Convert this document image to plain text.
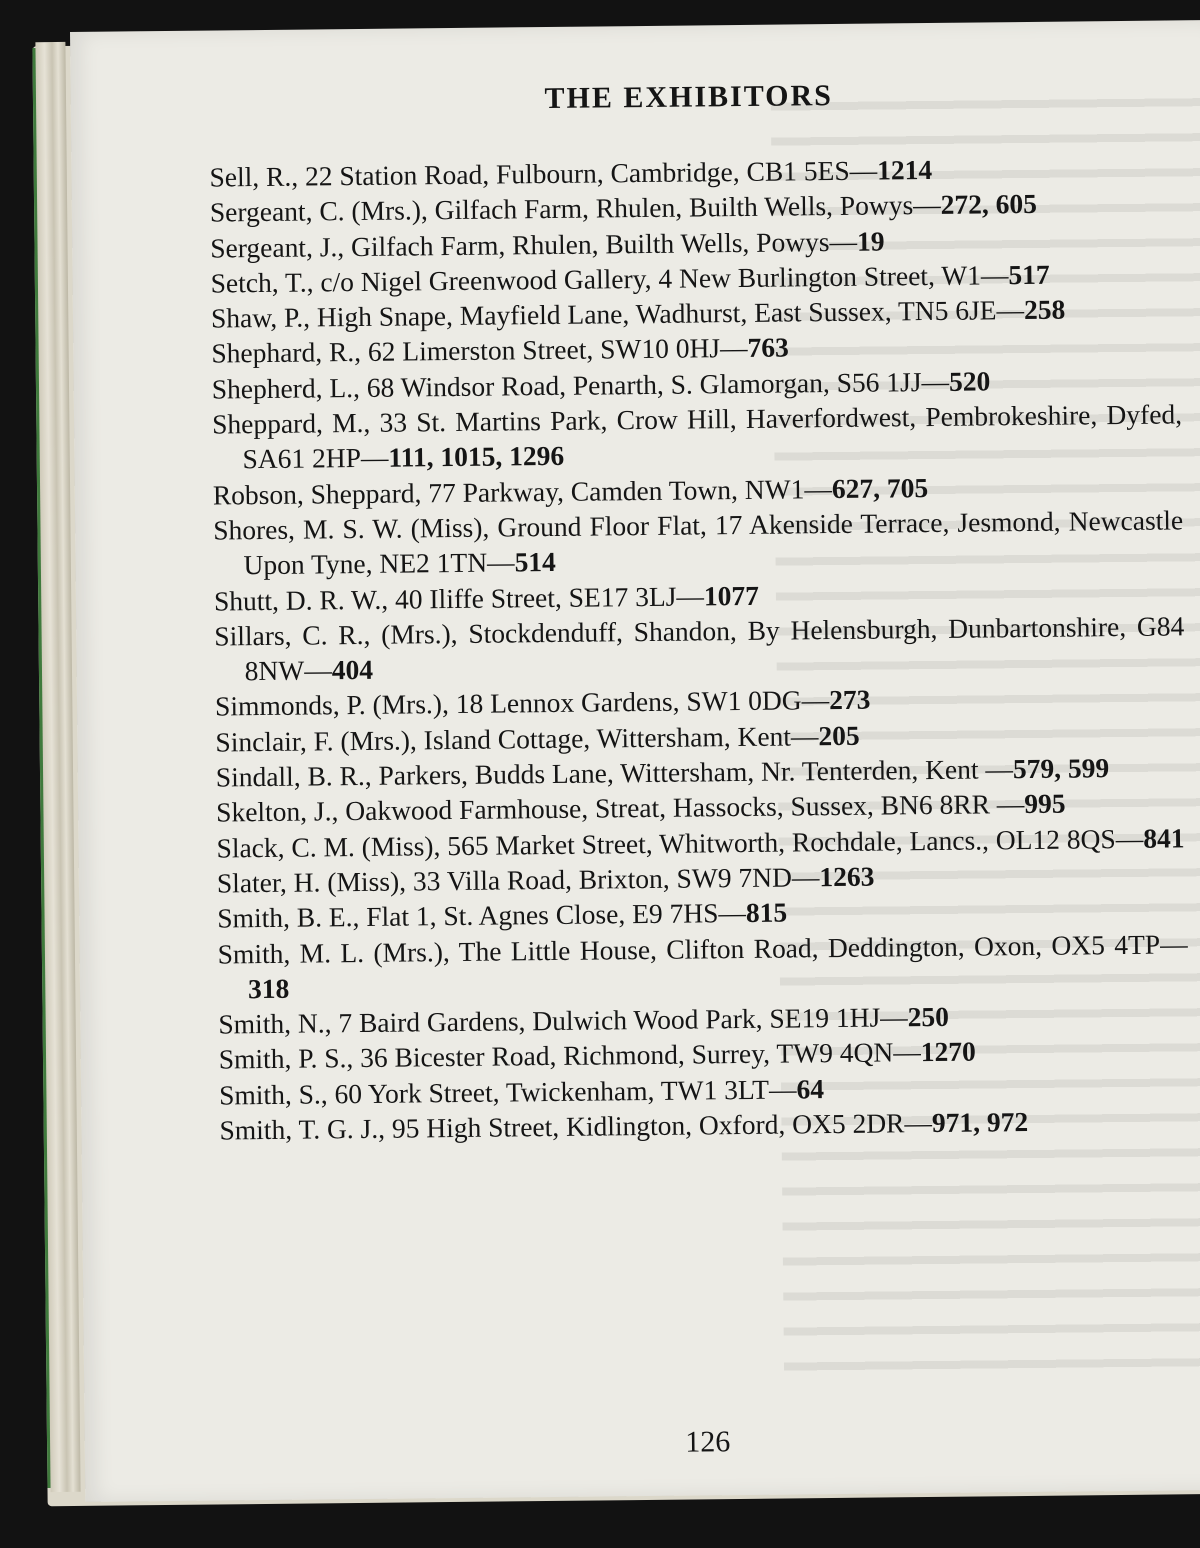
THE EXHIBITORS

Sell, R., 22 Station Road, Fulbourn, Cambridge, CB1 5ES—1214

Sergeant, C. (Mrs.), Gilfach Farm, Rhulen, Builth Wells, Powys—272, 605

Sergeant, J., Gilfach Farm, Rhulen, Builth Wells, Powys—19

Setch, T., c/o Nigel Greenwood Gallery, 4 New Burlington Street, W1—517

Shaw, P., High Snape, Mayfield Lane, Wadhurst, East Sussex, TN5 6JE—258

Shephard, R., 62 Limerston Street, SW10 0HJ—763

Shepherd, L., 68 Windsor Road, Penarth, S. Glamorgan, S56 1JJ—520

Sheppard, M., 33 St. Martins Park, Crow Hill, Haverfordwest, Pembrokeshire, Dyfed, SA61 2HP—111, 1015, 1296

Robson, Sheppard, 77 Parkway, Camden Town, NW1—627, 705

Shores, M. S. W. (Miss), Ground Floor Flat, 17 Akenside Terrace, Jesmond, Newcastle Upon Tyne, NE2 1TN—514

Shutt, D. R. W., 40 Iliffe Street, SE17 3LJ—1077

Sillars, C. R., (Mrs.), Stockdenduff, Shandon, By Helensburgh, Dunbartonshire, G84 8NW—404

Simmonds, P. (Mrs.), 18 Lennox Gardens, SW1 0DG—273

Sinclair, F. (Mrs.), Island Cottage, Wittersham, Kent—205

Sindall, B. R., Parkers, Budds Lane, Wittersham, Nr. Tenterden, Kent —579, 599

Skelton, J., Oakwood Farmhouse, Streat, Hassocks, Sussex, BN6 8RR —995

Slack, C. M. (Miss), 565 Market Street, Whitworth, Rochdale, Lancs., OL12 8QS—841

Slater, H. (Miss), 33 Villa Road, Brixton, SW9 7ND—1263

Smith, B. E., Flat 1, St. Agnes Close, E9 7HS—815

Smith, M. L. (Mrs.), The Little House, Clifton Road, Deddington, Oxon, OX5 4TP—318

Smith, N., 7 Baird Gardens, Dulwich Wood Park, SE19 1HJ—250

Smith, P. S., 36 Bicester Road, Richmond, Surrey, TW9 4QN—1270

Smith, S., 60 York Street, Twickenham, TW1 3LT—64

Smith, T. G. J., 95 High Street, Kidlington, Oxford, OX5 2DR—971, 972

126
